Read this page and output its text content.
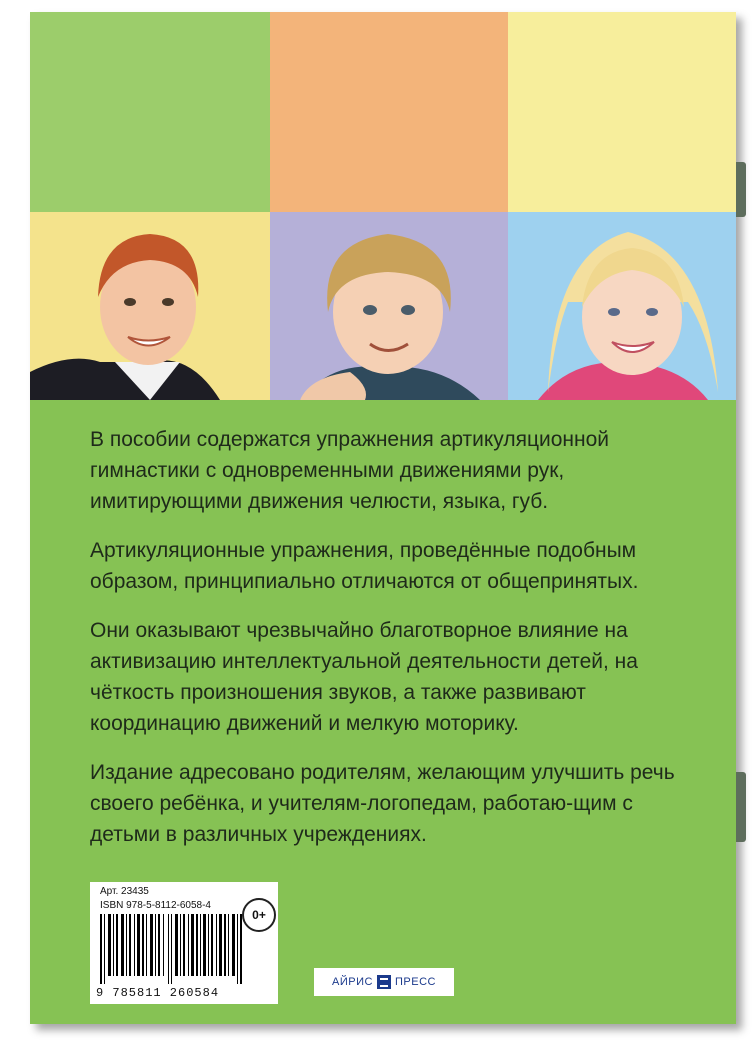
В пособии содержатся упражнения артикуляционной гимнастики с одновременными движениями рук, имитирующими движения челюсти, языка, губ.

Артикуляционные упражнения, проведённые подобным образом, принципиально отличаются от общепринятых.

Они оказывают чрезвычайно благотворное влияние на активизацию интеллектуальной деятельности детей, на чёткость произношения звуков, а также развивают координацию движений и мелкую моторику.

Издание адресовано родителям, желающим улучшить речь своего ребёнка, и учителям-логопедам, работаю-щим с детьми в различных учреждениях.

Арт. 23435
ISBN 978-5-8112-6058-4
0+
9 785811 260584
АЙРИС ПРЕСС
